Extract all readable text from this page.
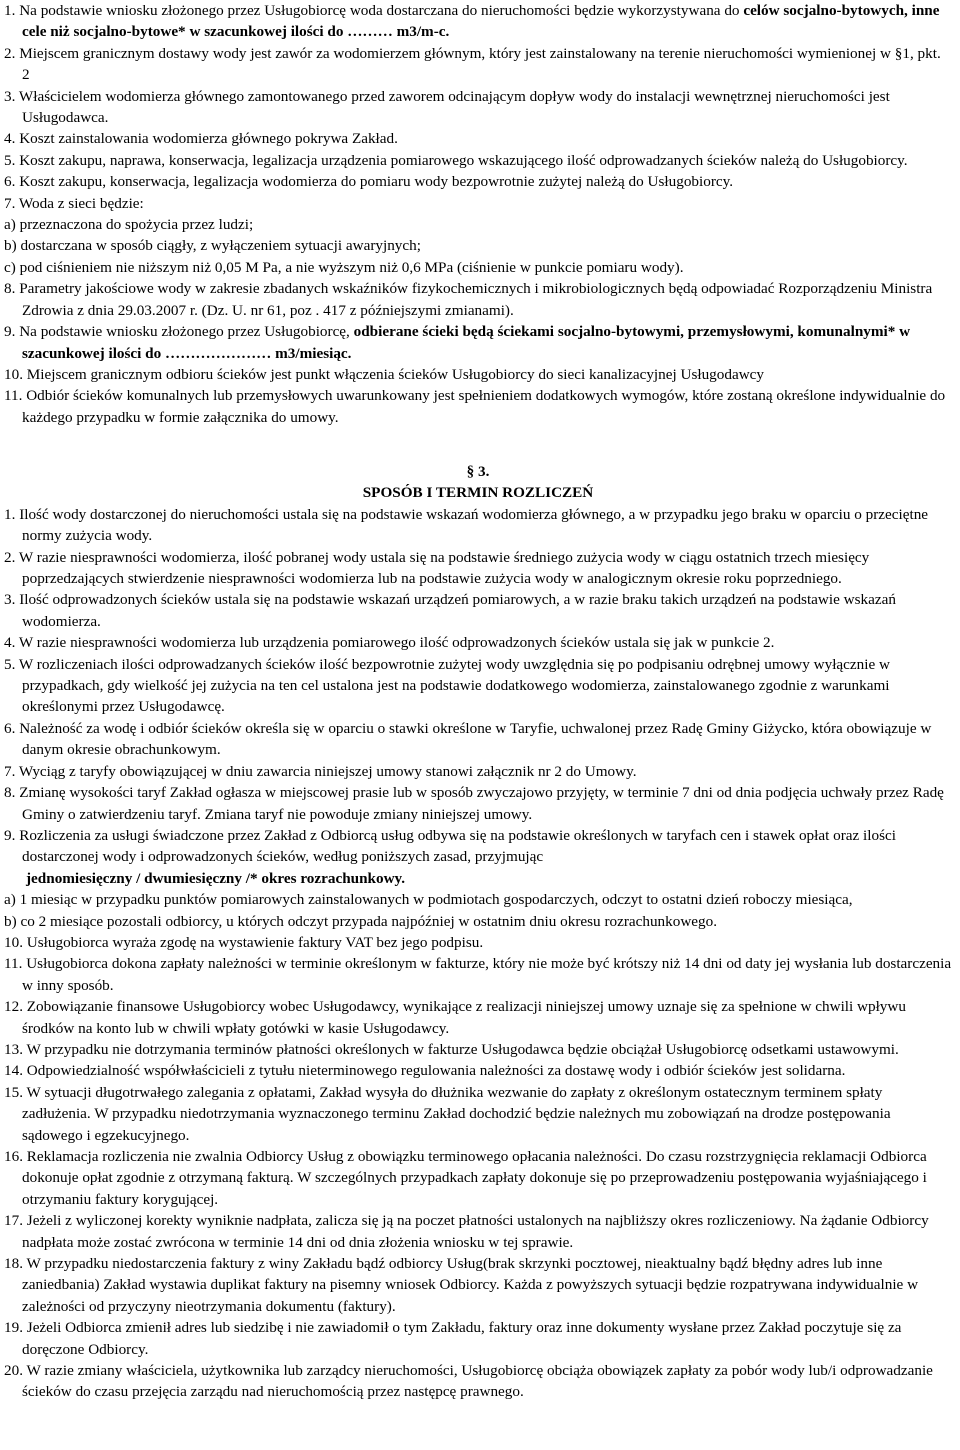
1. Na podstawie wniosku złożonego przez Usługobiorcę woda dostarczana do nieruchomości będzie wykorzystywana do celów socjalno-bytowych, inne cele niż socjalno-bytowe* w szacunkowej ilości do ……… m3/m-c.

2. Miejscem granicznym dostawy wody jest zawór za wodomierzem głównym, który jest zainstalowany na terenie nieruchomości wymienionej w §1, pkt. 2

3. Właścicielem wodomierza głównego zamontowanego przed zaworem odcinającym dopływ wody do instalacji wewnętrznej nieruchomości jest Usługodawca.

4. Koszt zainstalowania wodomierza głównego pokrywa Zakład.

5. Koszt zakupu, naprawa, konserwacja, legalizacja urządzenia pomiarowego wskazującego ilość odprowadzanych ścieków należą do Usługobiorcy.

6. Koszt zakupu, konserwacja, legalizacja wodomierza do pomiaru wody bezpowrotnie zużytej należą do Usługobiorcy.

7. Woda z sieci będzie:

a) przeznaczona do spożycia przez ludzi;

b) dostarczana w sposób ciągły, z wyłączeniem sytuacji awaryjnych;

c) pod ciśnieniem nie niższym niż 0,05 M Pa, a nie wyższym niż 0,6 MPa (ciśnienie w punkcie pomiaru wody).

8. Parametry jakościowe wody w zakresie zbadanych wskaźników fizykochemicznych i mikrobiologicznych będą odpowiadać Rozporządzeniu Ministra Zdrowia z dnia 29.03.2007 r. (Dz. U. nr 61, poz . 417 z późniejszymi zmianami).

9. Na podstawie wniosku złożonego przez Usługobiorcę, odbierane ścieki będą ściekami socjalno-bytowymi, przemysłowymi, komunalnymi* w szacunkowej ilości do ………………… m3/miesiąc.

10. Miejscem granicznym odbioru ścieków jest punkt włączenia ścieków Usługobiorcy do sieci kanalizacyjnej Usługodawcy

11. Odbiór ścieków komunalnych lub przemysłowych uwarunkowany jest spełnieniem dodatkowych wymogów, które zostaną określone indywidualnie do każdego przypadku w formie załącznika do umowy.

§ 3.

SPOSÓB I TERMIN ROZLICZEŃ

1. Ilość wody dostarczonej do nieruchomości ustala się na podstawie wskazań wodomierza głównego, a w przypadku jego braku w oparciu o przeciętne normy zużycia wody.

2. W razie niesprawności wodomierza, ilość pobranej wody ustala się na podstawie średniego zużycia wody w ciągu ostatnich trzech miesięcy poprzedzających stwierdzenie niesprawności wodomierza lub na podstawie zużycia wody w analogicznym okresie roku poprzedniego.

3. Ilość odprowadzonych ścieków ustala się na podstawie wskazań urządzeń pomiarowych, a w razie braku takich urządzeń na podstawie wskazań wodomierza.

4. W razie niesprawności wodomierza lub urządzenia pomiarowego ilość odprowadzonych ścieków ustala się jak w punkcie 2.

5. W rozliczeniach ilości odprowadzanych ścieków ilość bezpowrotnie zużytej wody uwzględnia się po podpisaniu odrębnej umowy wyłącznie w przypadkach, gdy wielkość jej zużycia na ten cel ustalona jest na podstawie dodatkowego wodomierza, zainstalowanego zgodnie z warunkami określonymi przez Usługodawcę.

6. Należność za wodę i odbiór ścieków określa się w oparciu o stawki określone w Taryfie, uchwalonej przez Radę Gminy Giżycko, która obowiązuje w danym okresie obrachunkowym.

7. Wyciąg z taryfy obowiązującej w dniu zawarcia niniejszej umowy stanowi załącznik nr 2 do Umowy.

8. Zmianę wysokości taryf Zakład ogłasza w miejscowej prasie lub w sposób zwyczajowo przyjęty, w terminie 7 dni od dnia podjęcia uchwały przez Radę Gminy o zatwierdzeniu taryf. Zmiana taryf nie powoduje zmiany niniejszej umowy.

9. Rozliczenia za usługi świadczone przez Zakład z Odbiorcą usług odbywa się na podstawie określonych w taryfach cen i stawek opłat oraz ilości dostarczonej wody i odprowadzonych ścieków, według poniższych zasad, przyjmując

jednomiesięczny / dwumiesięczny /* okres rozrachunkowy.

a) 1 miesiąc w przypadku punktów pomiarowych zainstalowanych w podmiotach gospodarczych, odczyt to ostatni dzień roboczy miesiąca,

b) co 2 miesiące pozostali odbiorcy, u których odczyt przypada najpóźniej w ostatnim dniu okresu rozrachunkowego.

10. Usługobiorca wyraża zgodę na wystawienie faktury VAT bez jego podpisu.

11. Usługobiorca dokona zapłaty należności w terminie określonym w fakturze, który nie może być krótszy niż 14 dni od daty jej wysłania lub dostarczenia w inny sposób.

12. Zobowiązanie finansowe Usługobiorcy wobec Usługodawcy, wynikające z realizacji niniejszej umowy uznaje się za spełnione w chwili wpływu środków na konto lub w chwili wpłaty gotówki w kasie Usługodawcy.

13. W przypadku nie dotrzymania terminów płatności określonych w fakturze Usługodawca będzie obciążał Usługobiorcę odsetkami ustawowymi.

14. Odpowiedzialność współwłaścicieli z tytułu nieterminowego regulowania należności za dostawę wody i odbiór ścieków jest solidarna.

15. W sytuacji długotrwałego zalegania z opłatami, Zakład wysyła do dłużnika wezwanie do zapłaty z określonym ostatecznym terminem spłaty zadłużenia. W przypadku niedotrzymania wyznaczonego terminu Zakład dochodzić będzie należnych mu zobowiązań na drodze postępowania sądowego i egzekucyjnego.

16. Reklamacja rozliczenia nie zwalnia Odbiorcy Usług z obowiązku terminowego opłacania należności. Do czasu rozstrzygnięcia reklamacji Odbiorca dokonuje opłat zgodnie z otrzymaną fakturą. W szczególnych przypadkach zapłaty dokonuje się po przeprowadzeniu postępowania wyjaśniającego i otrzymaniu faktury korygującej.

17. Jeżeli z wyliczonej korekty wyniknie nadpłata, zalicza się ją na poczet płatności ustalonych na najbliższy okres rozliczeniowy. Na żądanie Odbiorcy nadpłata może zostać zwrócona w terminie 14 dni od dnia złożenia wniosku w tej sprawie.

18. W przypadku niedostarczenia faktury z winy Zakładu bądź odbiorcy Usług(brak skrzynki pocztowej, nieaktualny bądź błędny adres lub inne zaniedbania) Zakład wystawia duplikat faktury na pisemny wniosek Odbiorcy. Każda z powyższych sytuacji będzie rozpatrywana indywidualnie w zależności od przyczyny nieotrzymania dokumentu (faktury).

19. Jeżeli Odbiorca zmienił adres lub siedzibę i nie zawiadomił o tym Zakładu, faktury oraz inne dokumenty wysłane przez Zakład poczytuje się za doręczone Odbiorcy.

20. W razie zmiany właściciela, użytkownika lub zarządcy nieruchomości, Usługobiorcę obciąża obowiązek zapłaty za pobór wody lub/i odprowadzanie ścieków do czasu przejęcia zarządu nad nieruchomością przez następcę prawnego.
